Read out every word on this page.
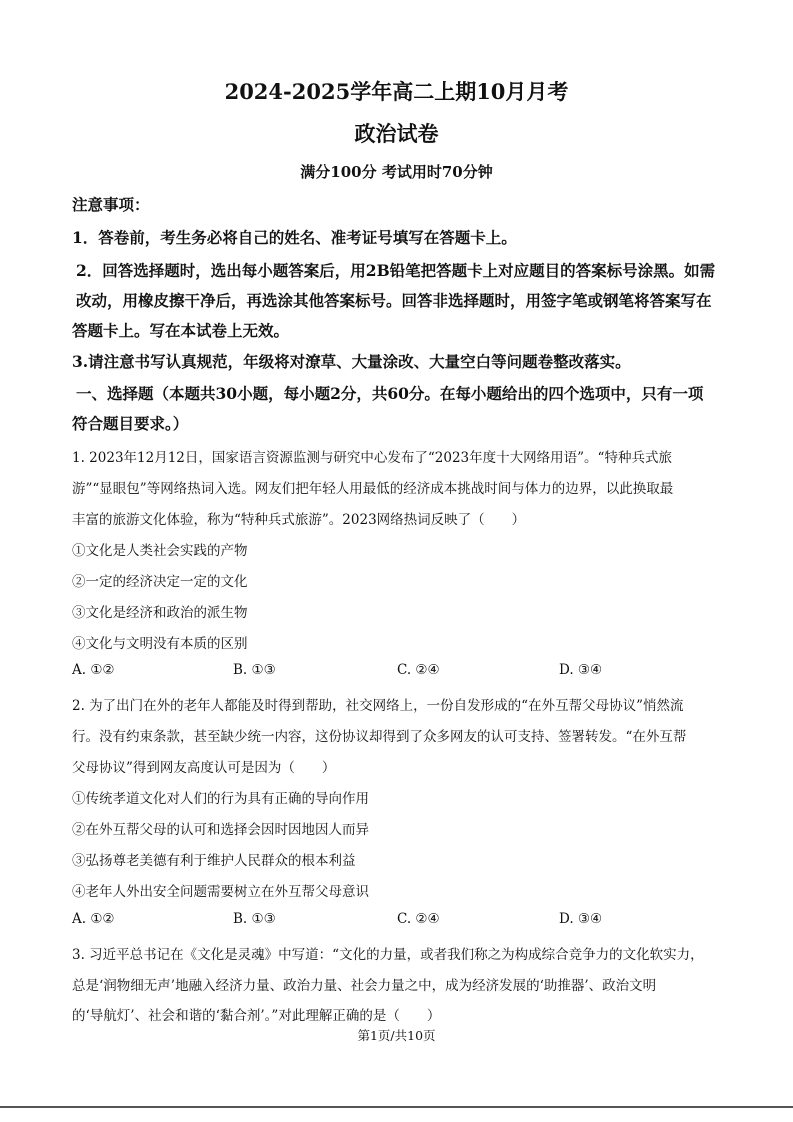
2024-2025学年高二上期10月月考
政治试卷
满分100分 考试用时70分钟
注意事项：
1．答卷前，考生务必将自己的姓名、准考证号填写在答题卡上。
2．回答选择题时，选出每小题答案后，用2B铅笔把答题卡上对应题目的答案标号涂黑。如需
改动，用橡皮擦干净后，再选涂其他答案标号。回答非选择题时，用签字笔或钢笔将答案写在
答题卡上。写在本试卷上无效。
3.请注意书写认真规范，年级将对潦草、大量涂改、大量空白等问题卷整改落实。
一、选择题（本题共30小题，每小题2分，共60分。在每小题给出的四个选项中，只有一项
符合题目要求。）
1. 2023年12月12日，国家语言资源监测与研究中心发布了“2023年度十大网络用语”。“特种兵式旅
游”“显眼包”等网络热词入选。网友们把年轻人用最低的经济成本挑战时间与体力的边界，以此换取最
丰富的旅游文化体验，称为“特种兵式旅游”。2023网络热词反映了（　　）
①文化是人类社会实践的产物
②一定的经济决定一定的文化
③文化是经济和政治的派生物
④文化与文明没有本质的区别
A. ①②	B. ①③	C. ②④	D. ③④
2. 为了出门在外的老年人都能及时得到帮助，社交网络上，一份自发形成的“在外互帮父母协议”悄然流
行。没有约束条款，甚至缺少统一内容，这份协议却得到了众多网友的认可支持、签署转发。“在外互帮
父母协议”得到网友高度认可是因为（　　）
①传统孝道文化对人们的行为具有正确的导向作用
②在外互帮父母的认可和选择会因时因地因人而异
③弘扬尊老美德有利于维护人民群众的根本利益
④老年人外出安全问题需要树立在外互帮父母意识
A. ①②	B. ①③	C. ②④	D. ③④
3. 习近平总书记在《文化是灵魂》中写道：“文化的力量，或者我们称之为构成综合竞争力的文化软实力，
总是‘润物细无声’地融入经济力量、政治力量、社会力量之中，成为经济发展的‘助推器’、政治文明
的‘导航灯’、社会和谐的‘黏合剂’。”对此理解正确的是（　　）
第1页/共10页
